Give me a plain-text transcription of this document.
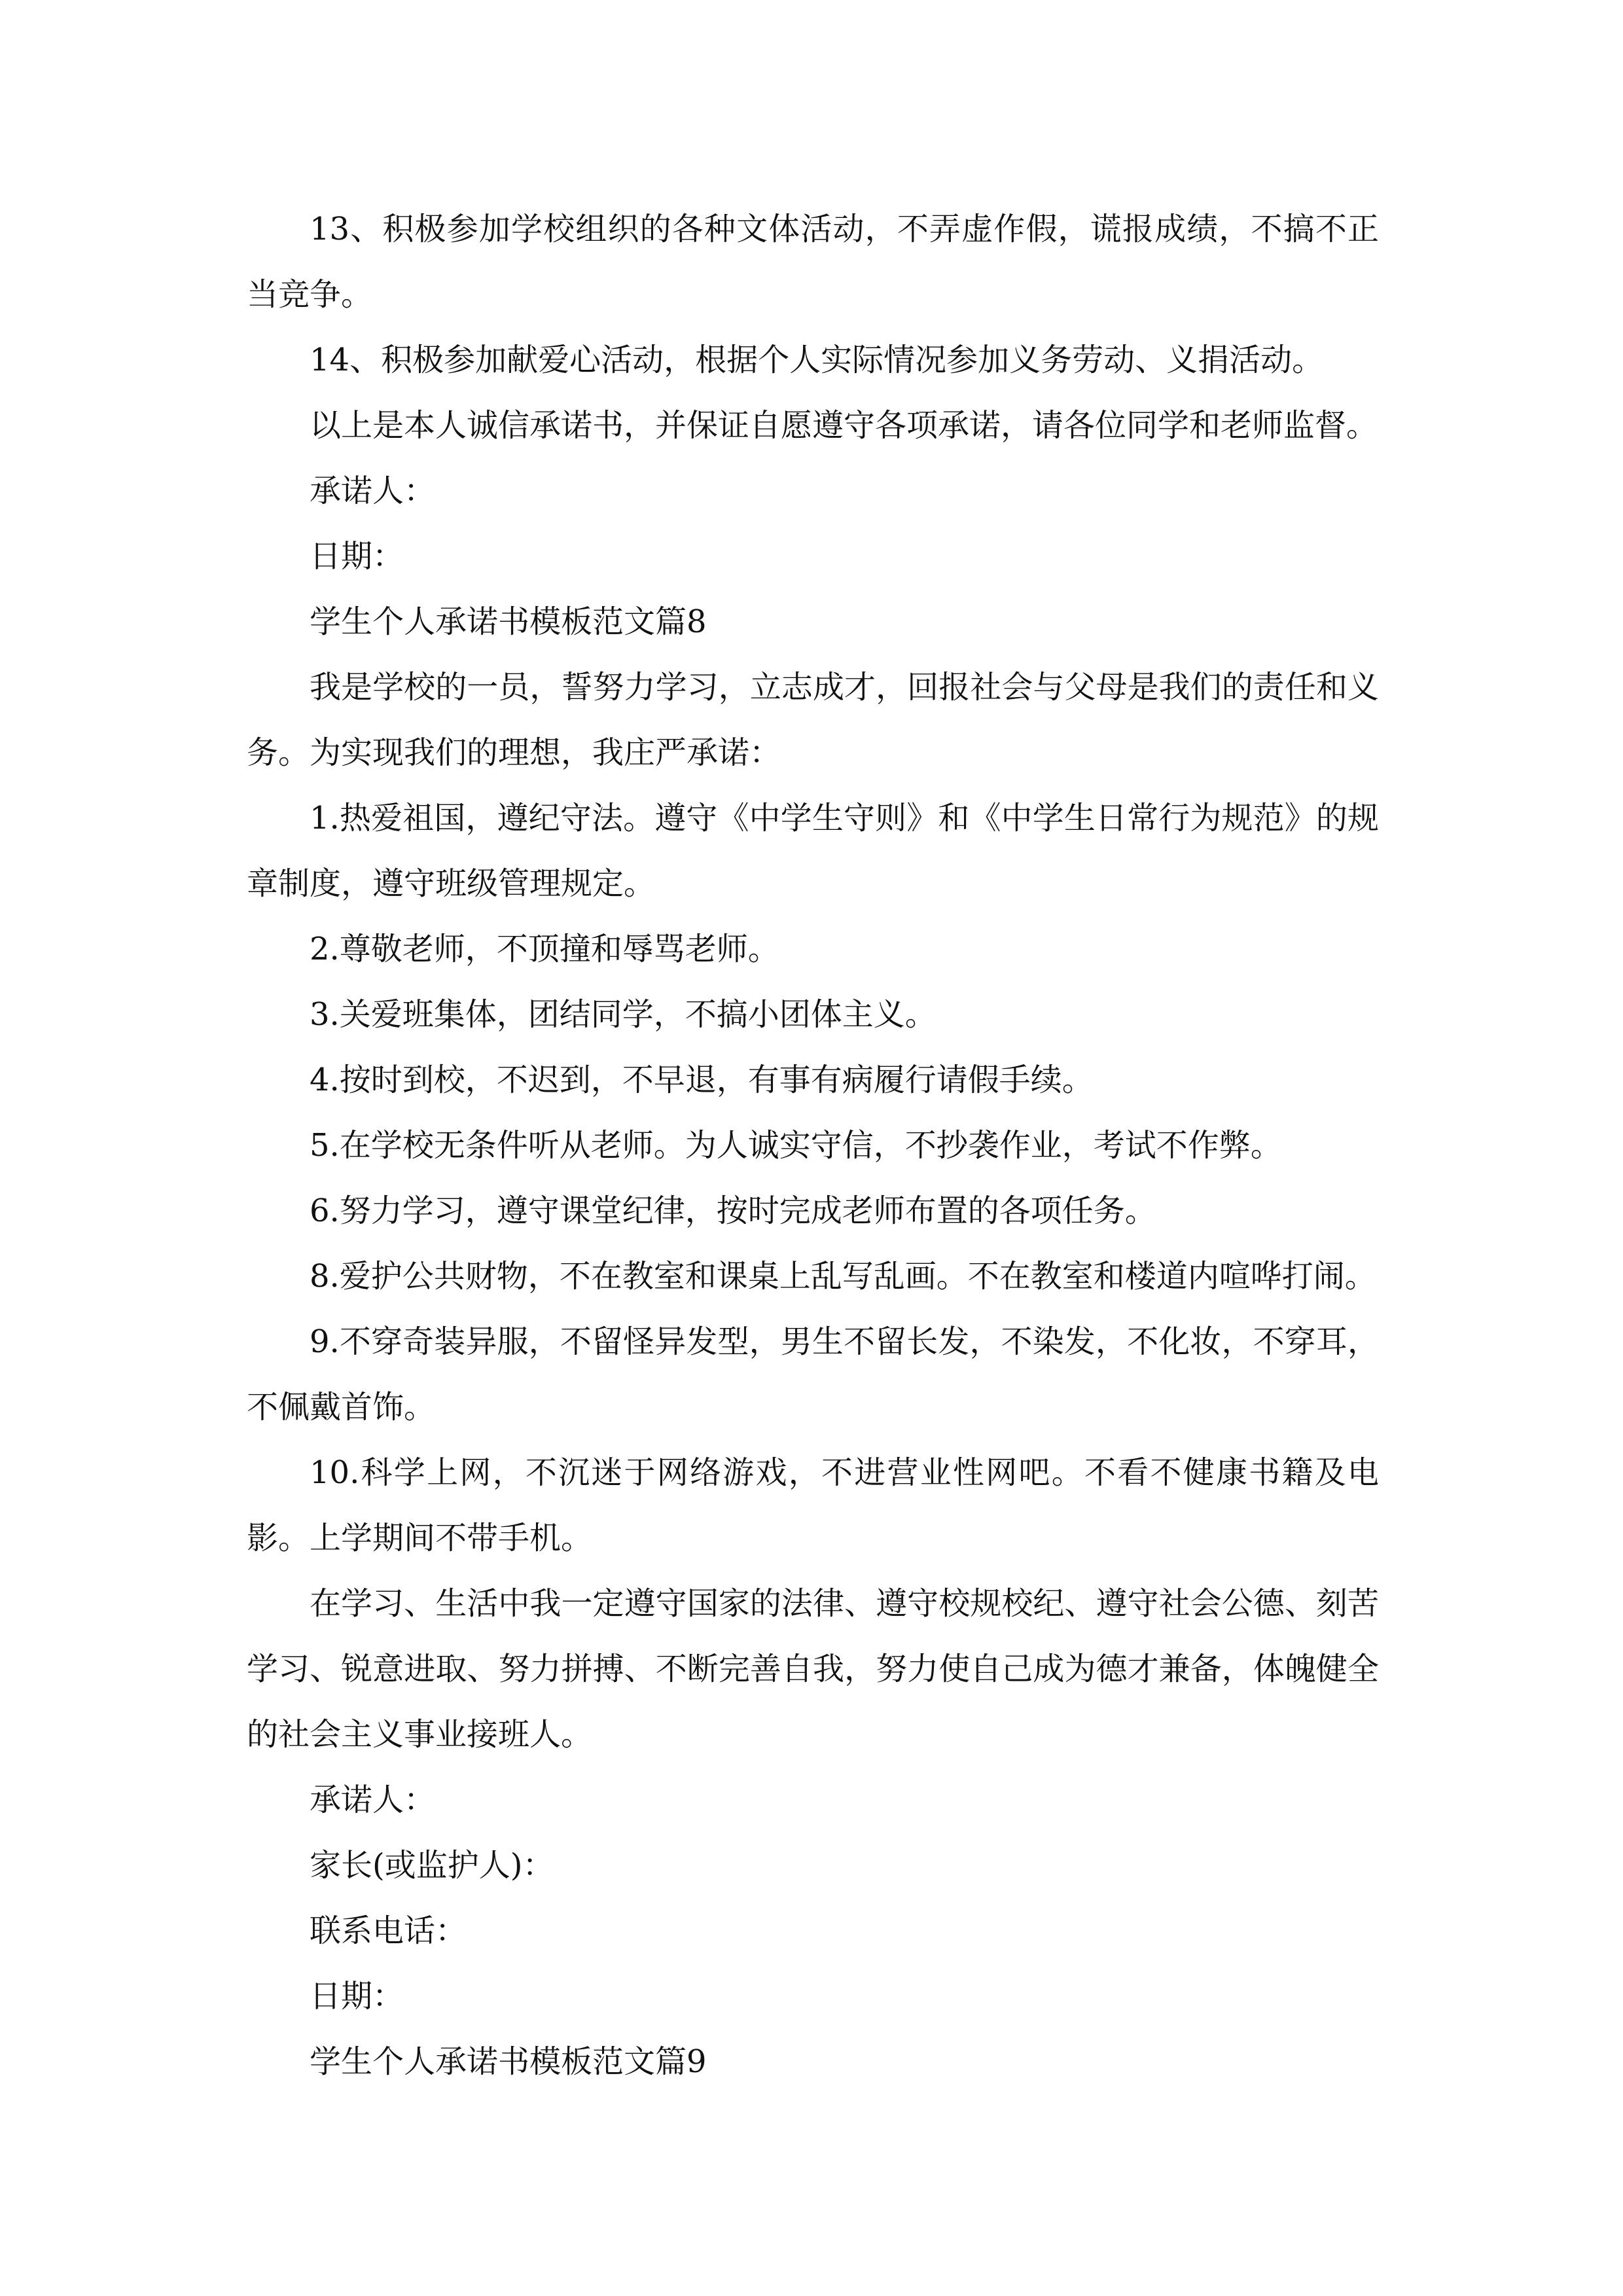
13、积极参加学校组织的各种文体活动，不弄虚作假，谎报成绩，不搞不正当竞争。

14、积极参加献爱心活动，根据个人实际情况参加义务劳动、义捐活动。

以上是本人诚信承诺书，并保证自愿遵守各项承诺，请各位同学和老师监督。

承诺人：

日期：

学生个人承诺书模板范文篇8

我是学校的一员，誓努力学习，立志成才，回报社会与父母是我们的责任和义务。为实现我们的理想，我庄严承诺：

1.热爱祖国，遵纪守法。遵守《中学生守则》和《中学生日常行为规范》的规章制度，遵守班级管理规定。

2.尊敬老师，不顶撞和辱骂老师。

3.关爱班集体，团结同学，不搞小团体主义。

4.按时到校，不迟到，不早退，有事有病履行请假手续。

5.在学校无条件听从老师。为人诚实守信，不抄袭作业，考试不作弊。

6.努力学习，遵守课堂纪律，按时完成老师布置的各项任务。

8.爱护公共财物，不在教室和课桌上乱写乱画。不在教室和楼道内喧哗打闹。

9.不穿奇装异服，不留怪异发型，男生不留长发，不染发，不化妆，不穿耳，不佩戴首饰。

10.科学上网，不沉迷于网络游戏，不进营业性网吧。不看不健康书籍及电影。上学期间不带手机。

在学习、生活中我一定遵守国家的法律、遵守校规校纪、遵守社会公德、刻苦学习、锐意进取、努力拼搏、不断完善自我，努力使自己成为德才兼备，体魄健全的社会主义事业接班人。

承诺人：

家长(或监护人)：

联系电话：

日期：

学生个人承诺书模板范文篇9
